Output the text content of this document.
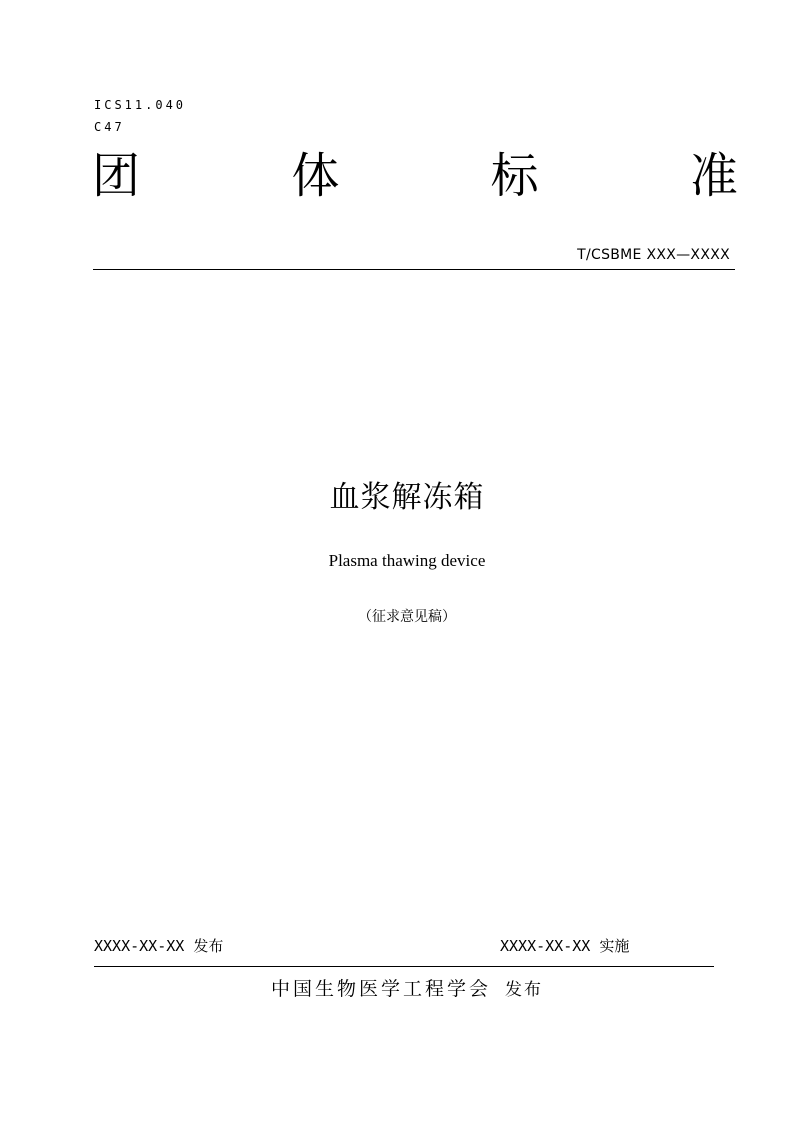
ICS11.040
C47
团	体	标	准
T/CSBME XXX—XXXX
血浆解冻箱
Plasma thawing device
（征求意见稿）
XXXX-XX-XX 发布	XXXX-XX-XX 实施
中国生物医学工程学会 发布
